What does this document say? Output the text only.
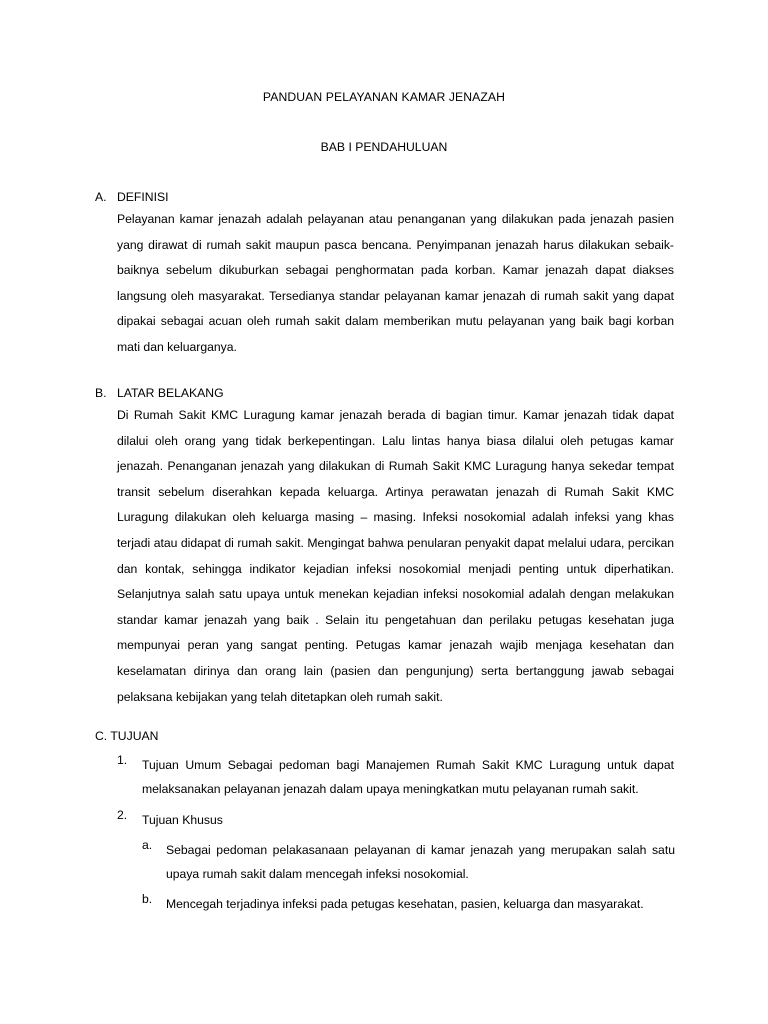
PANDUAN PELAYANAN KAMAR JENAZAH
BAB I PENDAHULUAN
A. DEFINISI
Pelayanan kamar jenazah adalah pelayanan atau penanganan yang dilakukan pada jenazah pasien yang dirawat di rumah sakit maupun pasca bencana. Penyimpanan jenazah harus dilakukan sebaik-baiknya sebelum dikuburkan sebagai penghormatan pada korban. Kamar jenazah dapat diakses langsung oleh masyarakat. Tersedianya standar pelayanan kamar jenazah di rumah sakit yang dapat dipakai sebagai acuan oleh rumah sakit dalam memberikan mutu pelayanan yang baik bagi korban mati dan keluarganya.
B. LATAR BELAKANG
Di Rumah Sakit KMC Luragung kamar jenazah berada di bagian timur. Kamar jenazah tidak dapat dilalui oleh orang yang tidak berkepentingan. Lalu lintas hanya biasa dilalui oleh petugas kamar jenazah. Penanganan jenazah yang dilakukan di Rumah Sakit KMC Luragung hanya sekedar tempat transit sebelum diserahkan kepada keluarga. Artinya perawatan jenazah di Rumah Sakit KMC Luragung dilakukan oleh keluarga masing – masing. Infeksi nosokomial adalah infeksi yang khas terjadi atau didapat di rumah sakit. Mengingat bahwa penularan penyakit dapat melalui udara, percikan dan kontak, sehingga indikator kejadian infeksi nosokomial menjadi penting untuk diperhatikan. Selanjutnya salah satu upaya untuk menekan kejadian infeksi nosokomial adalah dengan melakukan standar kamar jenazah yang baik . Selain itu pengetahuan dan perilaku petugas kesehatan juga mempunyai peran yang sangat penting. Petugas kamar jenazah wajib menjaga kesehatan dan keselamatan dirinya dan orang lain (pasien dan pengunjung) serta bertanggung jawab sebagai pelaksana kebijakan yang telah ditetapkan oleh rumah sakit.
C. TUJUAN
1.	Tujuan Umum Sebagai pedoman bagi Manajemen Rumah Sakit KMC Luragung untuk dapat melaksanakan pelayanan jenazah dalam upaya meningkatkan mutu pelayanan rumah sakit.
2.	Tujuan Khusus
a.	Sebagai pedoman pelakasanaan pelayanan di kamar jenazah yang merupakan salah satu upaya rumah sakit dalam mencegah infeksi nosokomial.
b.	Mencegah terjadinya infeksi pada petugas kesehatan, pasien, keluarga dan masyarakat.
